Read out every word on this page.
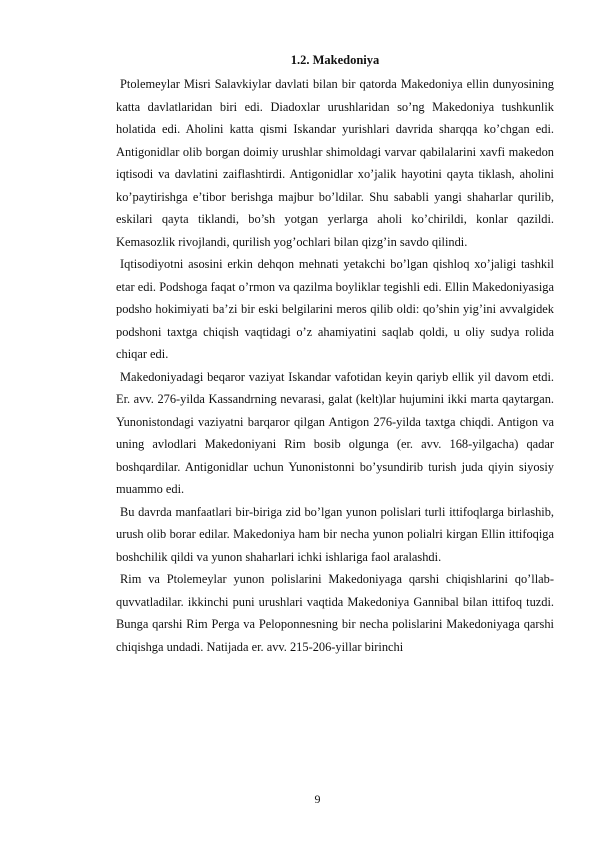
1.2. Makedoniya

Ptolemeylar Misri Salavkiylar davlati bilan bir qatorda Makedoniya ellin dunyosining katta davlatlaridan biri edi. Diadoxlar urushlaridan so’ng Makedoniya tushkunlik holatida edi. Aholini katta qismi Iskandar yurishlari davrida sharqqa ko’chgan edi. Antigonidlar olib borgan doimiy urushlar shimoldagi varvar qabilalarini xavfi makedon iqtisodi va davlatini zaiflashtirdi. Antigonidlar xo’jalik hayotini qayta tiklash, aholini ko’paytirishga e’tibor berishga majbur bo’ldilar. Shu sababli yangi shaharlar qurilib, eskilari qayta tiklandi, bo’sh yotgan yerlarga aholi ko’chirildi, konlar qazildi. Kemasozlik rivojlandi, qurilish yog’ochlari bilan qizg’in savdo qilindi.

Iqtisodiyotni asosini erkin dehqon mehnati yetakchi bo’lgan qishloq xo’jaligi tashkil etar edi. Podshoga faqat o’rmon va qazilma boyliklar tegishli edi. Ellin Makedoniyasiga podsho hokimiyati ba’zi bir eski belgilarini meros qilib oldi: qo’shin yig’ini avvalgidek podshoni taxtga chiqish vaqtidagi o’z ahamiyatini saqlab qoldi, u oliy sudya rolida chiqar edi.

Makedoniyadagi beqaror vaziyat Iskandar vafotidan keyin qariyb ellik yil davom etdi. Er. avv. 276-yilda Kassandrning nevarasi, galat (kelt)lar hujumini ikki marta qaytargan. Yunonistondagi vaziyatni barqaror qilgan Antigon 276-yilda taxtga chiqdi. Antigon va uning avlodlari Makedoniyani Rim bosib olgunga (er. avv. 168-yilgacha) qadar boshqardilar. Antigonidlar uchun Yunonistonni bo’ysundirib turish juda qiyin siyosiy muammo edi.

Bu davrda manfaatlari bir-biriga zid bo’lgan yunon polislari turli ittifoqlarga birlashib, urush olib borar edilar. Makedoniya ham bir necha yunon polialri kirgan Ellin ittifoqiga boshchilik qildi va yunon shaharlari ichki ishlariga faol aralashdi.

Rim va Ptolemeylar yunon polislarini Makedoniyaga qarshi chiqishlarini qo’llab-quvvatladilar. ikkinchi puni urushlari vaqtida Makedoniya Gannibal bilan ittifoq tuzdi. Bunga qarshi Rim Perga va Peloponnesning bir necha polislarini Makedoniyaga qarshi chiqishga undadi. Natijada er. avv. 215-206-yillar birinchi

9
